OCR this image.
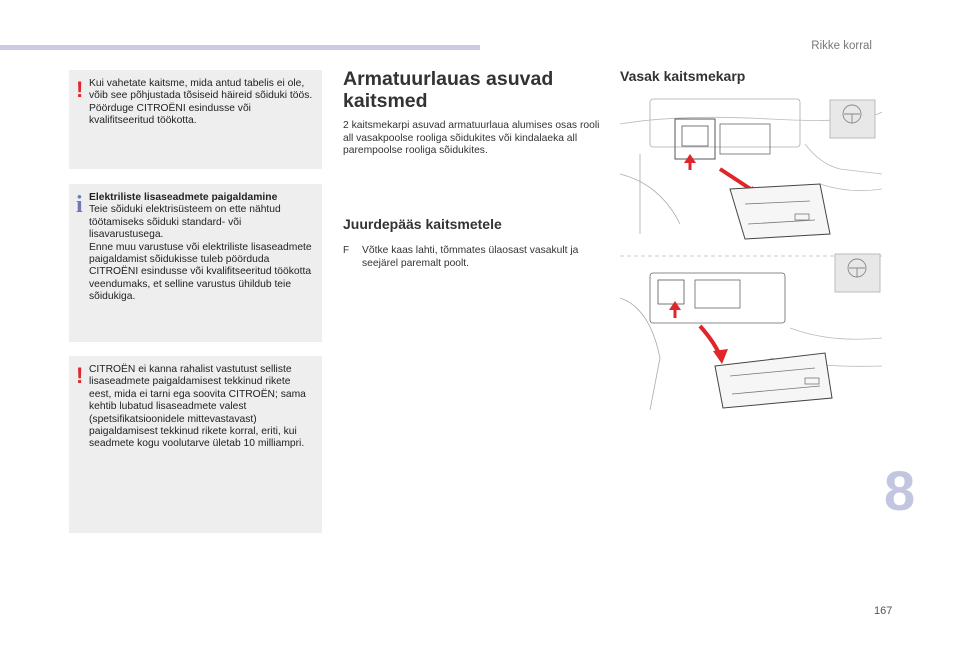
Rikke korral
! Kui vahetate kaitsme, mida antud tabelis ei ole, võib see põhjustada tõsiseid häireid sõiduki töös. Pöörduge CITROËNI esindusse või kvalifitseeritud töökotta.

i Elektriliste lisaseadmete paigaldamine

Teie sõiduki elektrisüsteem on ette nähtud töötamiseks sõiduki standard- või lisavarustusega.

Enne muu varustuse või elektriliste lisaseadmete paigaldamist sõidukisse tuleb pöörduda CITROËNI esindusse või kvalifitseeritud töökotta veendumaks, et selline varustus ühildub teie sõidukiga.

! CITROËN ei kanna rahalist vastutust selliste lisaseadmete paigaldamisest tekkinud rikete eest, mida ei tarni ega soovita CITROËN; sama kehtib lubatud lisaseadmete valest (spetsifikatsioonidele mittevastavast) paigaldamisest tekkinud rikete korral, eriti, kui seadmete kogu voolutarve ületab 10 milliampri.

Armatuurlauas asuvad kaitsmed
2 kaitsmekarpi asuvad armatuurlaua alumises osas rooli all vasakpoolse rooliga sõidukites või kindalaeka all parempoolse rooliga sõidukites.
Juurdepääs kaitsmetele
F Võtke kaas lahti, tõmmates ülaosast vasakult ja seejärel paremalt poolt.
Vasak kaitsmekarp
8
167
